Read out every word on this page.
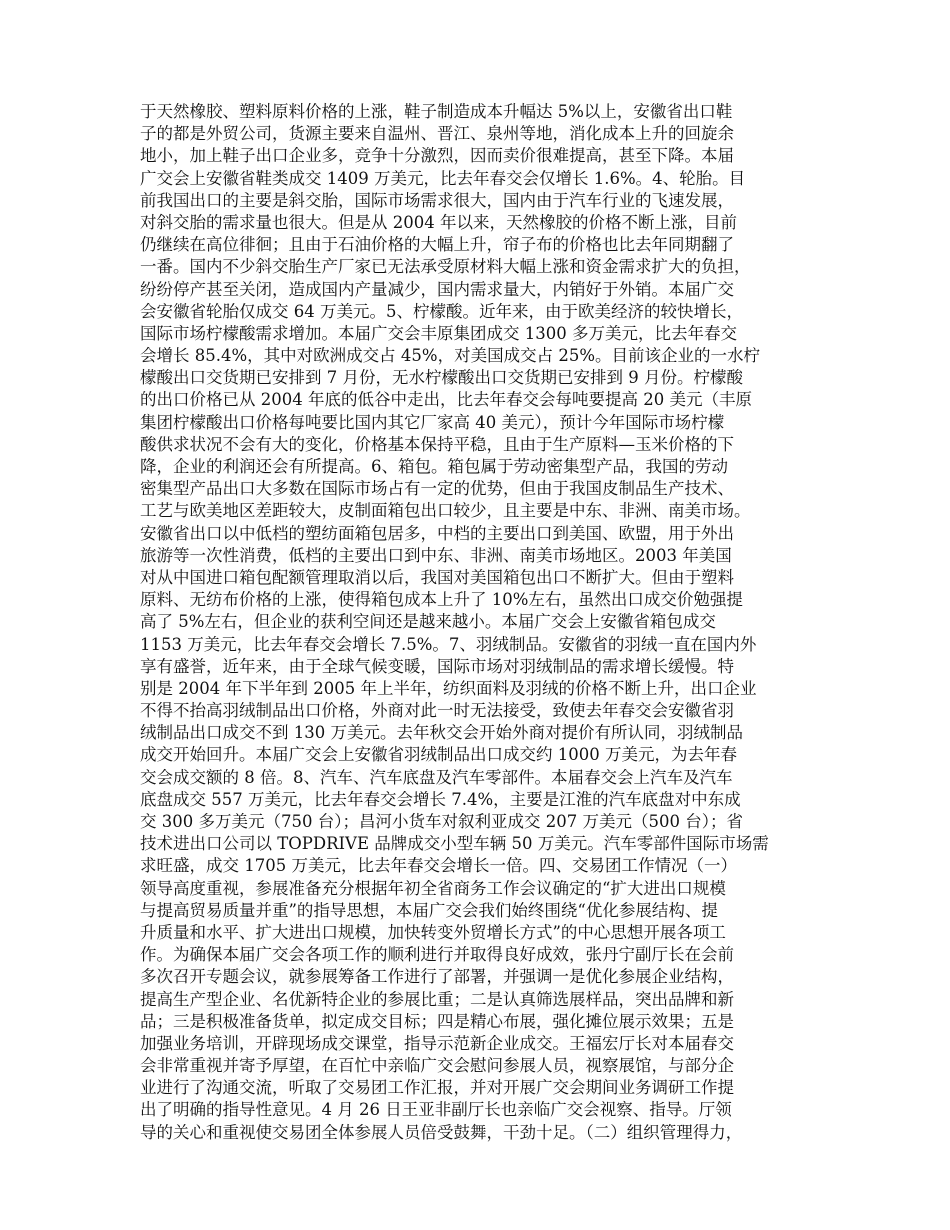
于天然橡胶、塑料原料价格的上涨，鞋子制造成本升幅达 5%以上，安徽省出口鞋
子的都是外贸公司，货源主要来自温州、晋江、泉州等地，消化成本上升的回旋余
地小，加上鞋子出口企业多，竞争十分激烈，因而卖价很难提高，甚至下降。本届
广交会上安徽省鞋类成交 1409 万美元，比去年春交会仅增长 1.6%。4、轮胎。目
前我国出口的主要是斜交胎，国际市场需求很大，国内由于汽车行业的飞速发展，
对斜交胎的需求量也很大。但是从 2004 年以来，天然橡胶的价格不断上涨，目前
仍继续在高位徘徊；且由于石油价格的大幅上升，帘子布的价格也比去年同期翻了
一番。国内不少斜交胎生产厂家已无法承受原材料大幅上涨和资金需求扩大的负担，
纷纷停产甚至关闭，造成国内产量减少，国内需求量大，内销好于外销。本届广交
会安徽省轮胎仅成交 64 万美元。5、柠檬酸。近年来，由于欧美经济的较快增长，
国际市场柠檬酸需求增加。本届广交会丰原集团成交 1300 多万美元，比去年春交
会增长 85.4%，其中对欧洲成交占 45%，对美国成交占 25%。目前该企业的一水柠
檬酸出口交货期已安排到 7 月份，无水柠檬酸出口交货期已安排到 9 月份。柠檬酸
的出口价格已从 2004 年底的低谷中走出，比去年春交会每吨要提高 20 美元（丰原
集团柠檬酸出口价格每吨要比国内其它厂家高 40 美元），预计今年国际市场柠檬
酸供求状况不会有大的变化，价格基本保持平稳，且由于生产原料—玉米价格的下
降，企业的利润还会有所提高。6、箱包。箱包属于劳动密集型产品，我国的劳动
密集型产品出口大多数在国际市场占有一定的优势，但由于我国皮制品生产技术、
工艺与欧美地区差距较大，皮制面箱包出口较少，且主要是中东、非洲、南美市场。
安徽省出口以中低档的塑纺面箱包居多，中档的主要出口到美国、欧盟，用于外出
旅游等一次性消费，低档的主要出口到中东、非洲、南美市场地区。2003 年美国
对从中国进口箱包配额管理取消以后，我国对美国箱包出口不断扩大。但由于塑料
原料、无纺布价格的上涨，使得箱包成本上升了 10%左右，虽然出口成交价勉强提
高了 5%左右，但企业的获利空间还是越来越小。本届广交会上安徽省箱包成交
1153 万美元，比去年春交会增长 7.5%。7、羽绒制品。安徽省的羽绒一直在国内外
享有盛誉，近年来，由于全球气候变暖，国际市场对羽绒制品的需求增长缓慢。特
别是 2004 年下半年到 2005 年上半年，纺织面料及羽绒的价格不断上升，出口企业
不得不抬高羽绒制品出口价格，外商对此一时无法接受，致使去年春交会安徽省羽
绒制品出口成交不到 130 万美元。去年秋交会开始外商对提价有所认同，羽绒制品
成交开始回升。本届广交会上安徽省羽绒制品出口成交约 1000 万美元，为去年春
交会成交额的 8 倍。8、汽车、汽车底盘及汽车零部件。本届春交会上汽车及汽车
底盘成交 557 万美元，比去年春交会增长 7.4%，主要是江淮的汽车底盘对中东成
交 300 多万美元（750 台）；昌河小货车对叙利亚成交 207 万美元（500 台）；省
技术进出口公司以 TOPDRIVE 品牌成交小型车辆 50 万美元。汽车零部件国际市场需
求旺盛，成交 1705 万美元，比去年春交会增长一倍。四、交易团工作情况（一）
领导高度重视，参展准备充分根据年初全省商务工作会议确定的“扩大进出口规模
与提高贸易质量并重”的指导思想，本届广交会我们始终围绕“优化参展结构、提
升质量和水平、扩大进出口规模，加快转变外贸增长方式”的中心思想开展各项工
作。为确保本届广交会各项工作的顺利进行并取得良好成效，张丹宁副厅长在会前
多次召开专题会议，就参展筹备工作进行了部署，并强调一是优化参展企业结构，
提高生产型企业、名优新特企业的参展比重；二是认真筛选展样品，突出品牌和新
品；三是积极准备货单，拟定成交目标；四是精心布展，强化摊位展示效果；五是
加强业务培训，开辟现场成交课堂，指导示范新企业成交。王福宏厅长对本届春交
会非常重视并寄予厚望，在百忙中亲临广交会慰问参展人员，视察展馆，与部分企
业进行了沟通交流，听取了交易团工作汇报，并对开展广交会期间业务调研工作提
出了明确的指导性意见。4 月 26 日王亚非副厅长也亲临广交会视察、指导。厅领
导的关心和重视使交易团全体参展人员倍受鼓舞，干劲十足。（二）组织管理得力，
